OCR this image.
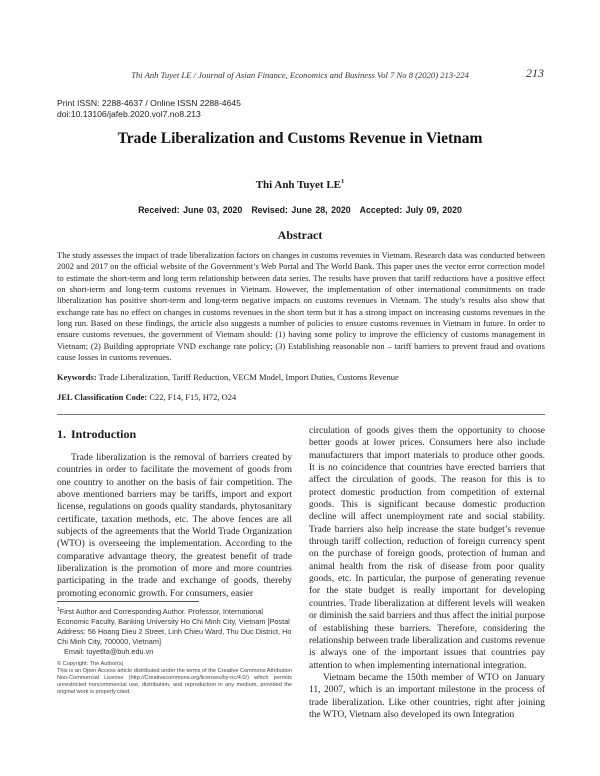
Thi Anh Tuyet LE / Journal of Asian Finance, Economics and Business Vol 7 No 8 (2020) 213-224	213
Print ISSN: 2288-4637 / Online ISSN 2288-4645
doi:10.13106/jafeb.2020.vol7.no8.213
Trade Liberalization and Customs Revenue in Vietnam
Thi Anh Tuyet $LE^1$
Received: June 03, 2020 Revised: June 28, 2020 Accepted: July 09, 2020
Abstract

The study assesses the impact of trade liberalization factors on changes in customs revenues in Vietnam. Research data was conducted between 2002 and 2017 on the official website of the Government’s Web Portal and The World Bank. This paper uses the vector error correction model to estimate the short-term and long term relationship between data series. The results have proven that tariff reductions have a positive effect on short-term and long-term customs revenues in Vietnam. However, the implementation of other international commitments on trade liberalization has positive short-term and long-term negative impacts on customs revenues in Vietnam. The study’s results also show that exchange rate has no effect on changes in customs revenues in the short term but it has a strong impact on increasing customs revenues in the long run. Based on these findings, the article also suggests a number of policies to ensure customs revenues in Vietnam in future. In order to ensure customs revenues, the government of Vietnam should: (1) having some policy to improve the efficiency of customs management in Vietnam; (2) Building appropriate VND exchange rate policy; (3) Establishing reasonable non – tariff barriers to prevent fraud and ovations cause losses in customs revenues.

Keywords: Trade Liberalization, Tariff Reduction, VECM Model, Import Duties, Customs Revenue
JEL Classification Code: C22, F14, F15, H72, O24
1. Introduction

Trade liberalization is the removal of barriers created by countries in order to facilitate the movement of goods from one country to another on the basis of fair competition. The above mentioned barriers may be tariffs, import and export license, regulations on goods quality standards, phytosanitary certificate, taxation methods, etc. The above fences are all subjects of the agreements that the World Trade Organization (WTO) is overseeing the implementation. According to the comparative advantage theory, the greatest benefit of trade liberalization is the promotion of more and more countries participating in the trade and exchange of goods, thereby promoting economic growth. For consumers, easier

$^1$First Author and Corresponding Author. Professor, International Economic Faculty, Banking University Ho Chi Minh City, Vietnam [Postal Address: 56 Hoang Dieu 2 Street, Linh Chieu Ward, Thu Duc District, Ho Chi Minh City, 700000, Vietnam]

Email: tuyetlta@buh.edu.vn

© Copyright: The Author(s)

This is an Open Access article distributed under the terms of the Creative Commons Attribution Non-Commercial License (http://Creativecommons.org/licenses/by-nc/4.0/) which permits unrestricted noncommercial use, distribution, and reproduction in any medium, provided the original work is properly cited.

circulation of goods gives them the opportunity to choose better goods at lower prices. Consumers here also include manufacturers that import materials to produce other goods. It is no coincidence that countries have erected barriers that affect the circulation of goods. The reason for this is to protect domestic production from competition of external goods. This is significant because domestic production decline will affect unemployment rate and social stability. Trade barriers also help increase the state budget’s revenue through tariff collection, reduction of foreign currency spent on the purchase of foreign goods, protection of human and animal health from the risk of disease from poor quality goods, etc. In particular, the purpose of generating revenue for the state budget is really important for developing countries. Trade liberalization at different levels will weaken or diminish the said barriers and thus affect the initial purpose of establishing these barriers. Therefore, considering the relationship between trade liberalization and customs revenue is always one of the important issues that countries pay attention to when implementing international integration.

Vietnam became the 150th member of WTO on January 11, 2007, which is an important milestone in the process of trade liberalization. Like other countries, right after joining the WTO, Vietnam also developed its own Integration
